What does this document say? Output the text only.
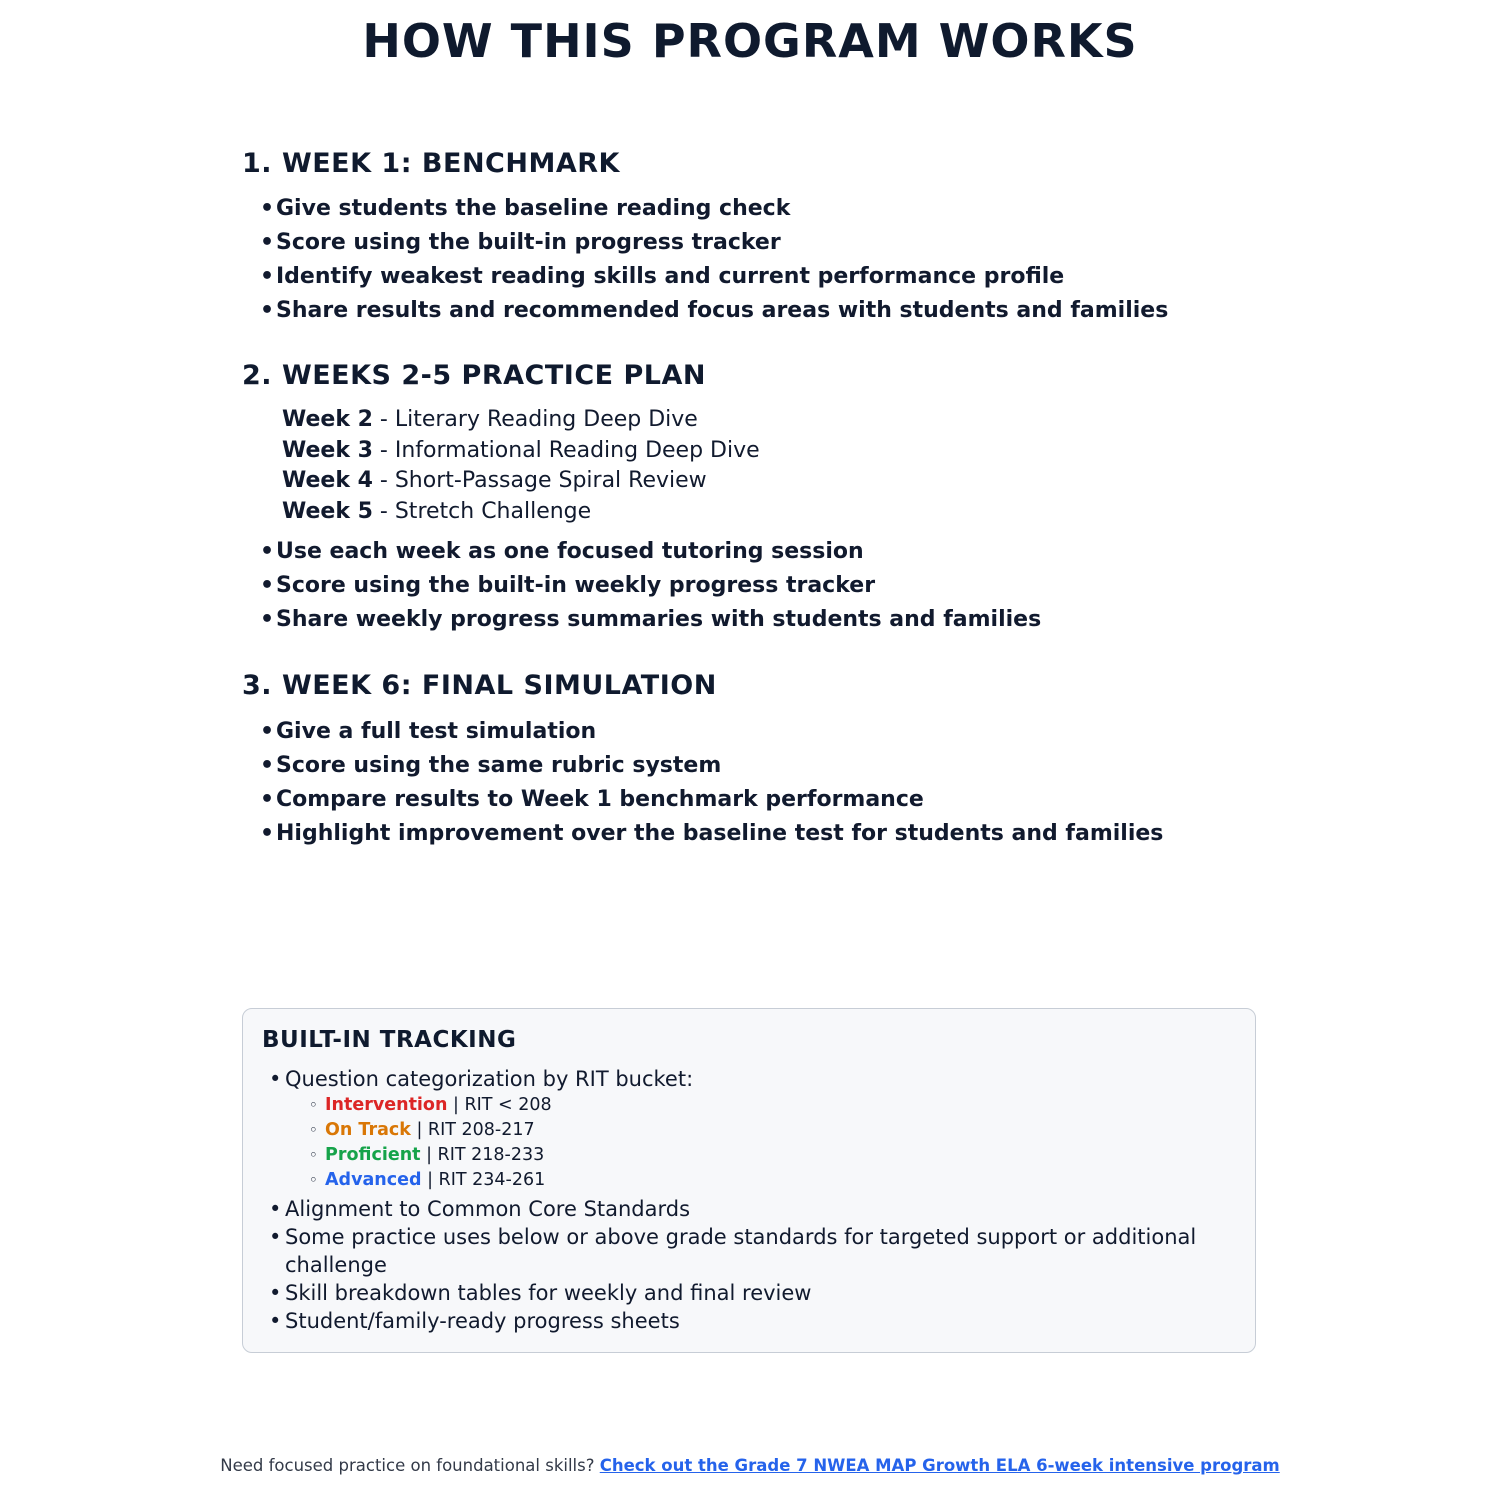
HOW THIS PROGRAM WORKS
1. WEEK 1: BENCHMARK
• Give students the baseline reading check
• Score using the built-in progress tracker
• Identify weakest reading skills and current performance profile
• Share results and recommended focus areas with students and families
2. WEEKS 2-5 PRACTICE PLAN
Week 2 - Literary Reading Deep Dive
Week 3 - Informational Reading Deep Dive
Week 4 - Short-Passage Spiral Review
Week 5 - Stretch Challenge
• Use each week as one focused tutoring session
• Score using the built-in weekly progress tracker
• Share weekly progress summaries with students and families
3. WEEK 6: FINAL SIMULATION
• Give a full test simulation
• Score using the same rubric system
• Compare results to Week 1 benchmark performance
• Highlight improvement over the baseline test for students and families
BUILT-IN TRACKING
• Question categorization by RIT bucket:
◦ Intervention | RIT < 208
◦ On Track | RIT 208-217
◦ Proficient | RIT 218-233
◦ Advanced | RIT 234-261
• Alignment to Common Core Standards
• Some practice uses below or above grade standards for targeted support or additional challenge
• Skill breakdown tables for weekly and final review
• Student/family-ready progress sheets
Need focused practice on foundational skills? Check out the Grade 7 NWEA MAP Growth ELA 6-week intensive program
